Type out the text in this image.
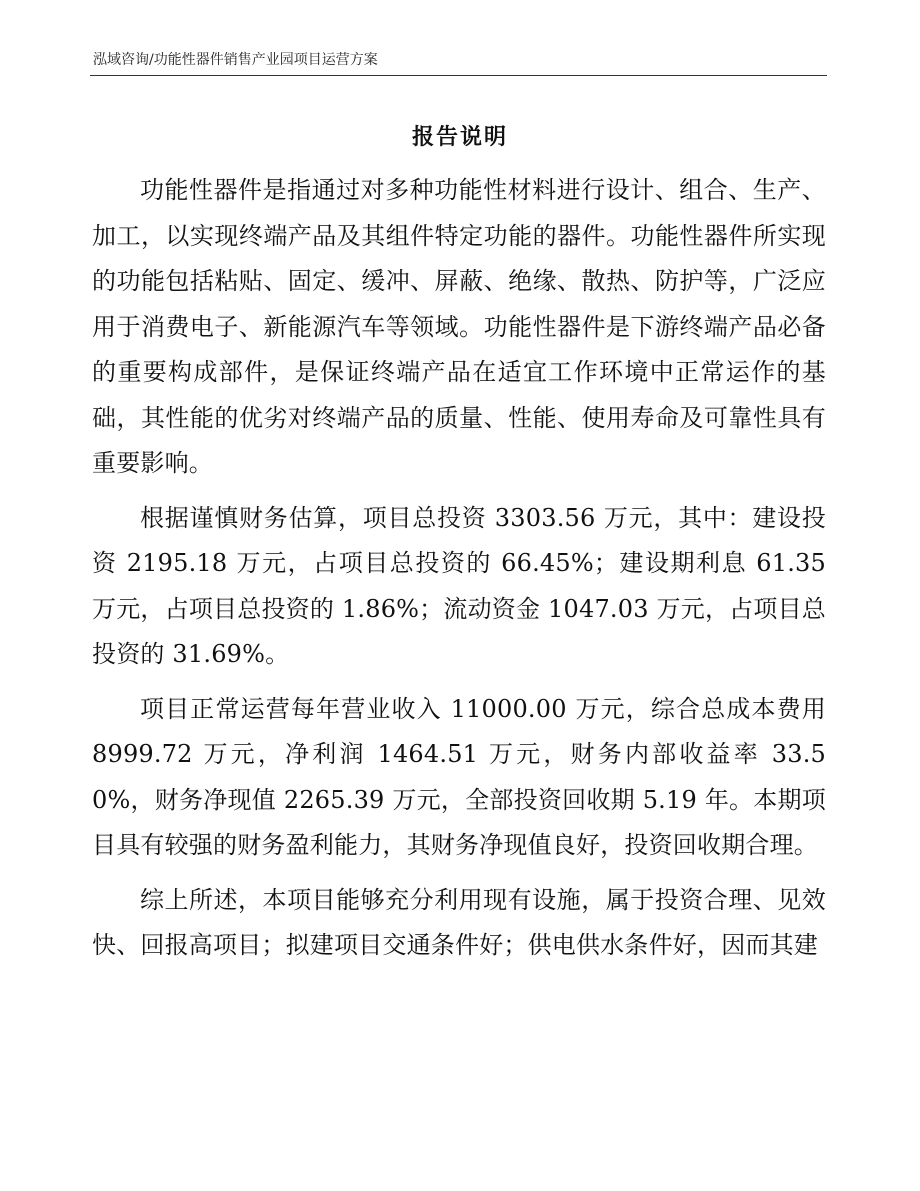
泓域咨询/功能性器件销售产业园项目运营方案
报告说明

功能性器件是指通过对多种功能性材料进行设计、组合、生产、加工，以实现终端产品及其组件特定功能的器件。功能性器件所实现的功能包括粘贴、固定、缓冲、屏蔽、绝缘、散热、防护等，广泛应用于消费电子、新能源汽车等领域。功能性器件是下游终端产品必备的重要构成部件，是保证终端产品在适宜工作环境中正常运作的基础，其性能的优劣对终端产品的质量、性能、使用寿命及可靠性具有重要影响。

根据谨慎财务估算，项目总投资 3303.56 万元，其中：建设投资 2195.18 万元，占项目总投资的 66.45%；建设期利息 61.35 万元，占项目总投资的 1.86%；流动资金 1047.03 万元，占项目总投资的 31.69%。

项目正常运营每年营业收入 11000.00 万元，综合总成本费用 8999.72 万元，净利润 1464.51 万元，财务内部收益率 33.50%，财务净现值 2265.39 万元，全部投资回收期 5.19 年。本期项目具有较强的财务盈利能力，其财务净现值良好，投资回收期合理。

综上所述，本项目能够充分利用现有设施，属于投资合理、见效快、回报高项目；拟建项目交通条件好；供电供水条件好，因而其建
